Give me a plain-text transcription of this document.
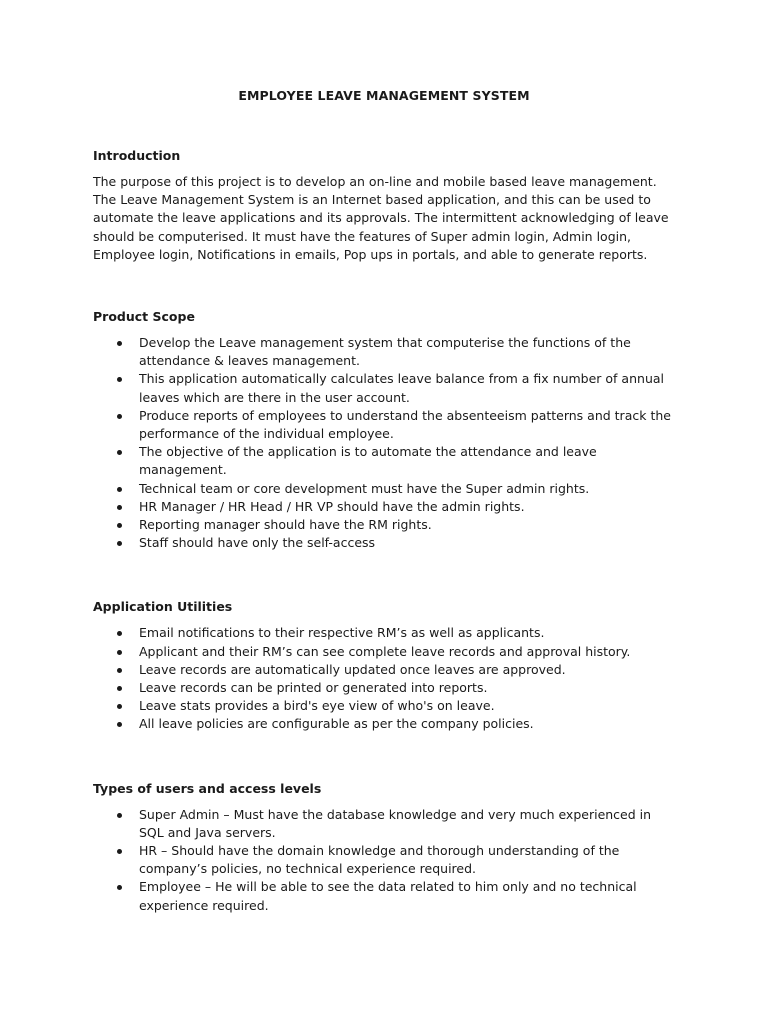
EMPLOYEE LEAVE MANAGEMENT SYSTEM
Introduction

The purpose of this project is to develop an on-line and mobile based leave management. The Leave Management System is an Internet based application, and this can be used to automate the leave applications and its approvals. The intermittent acknowledging of leave should be computerised. It must have the features of Super admin login, Admin login, Employee login, Notifications in emails, Pop ups in portals, and able to generate reports.

Product Scope
Develop the Leave management system that computerise the functions of the attendance & leaves management.
This application automatically calculates leave balance from a fix number of annual leaves which are there in the user account.
Produce reports of employees to understand the absenteeism patterns and track the performance of the individual employee.
The objective of the application is to automate the attendance and leave management.
Technical team or core development must have the Super admin rights.
HR Manager / HR Head / HR VP should have the admin rights.
Reporting manager should have the RM rights.
Staff should have only the self-access
Application Utilities
Email notifications to their respective RM’s as well as applicants.
Applicant and their RM’s can see complete leave records and approval history.
Leave records are automatically updated once leaves are approved.
Leave records can be printed or generated into reports.
Leave stats provides a bird's eye view of who's on leave.
All leave policies are configurable as per the company policies.
Types of users and access levels
Super Admin – Must have the database knowledge and very much experienced in SQL and Java servers.
HR – Should have the domain knowledge and thorough understanding of the company’s policies, no technical experience required.
Employee – He will be able to see the data related to him only and no technical experience required.
